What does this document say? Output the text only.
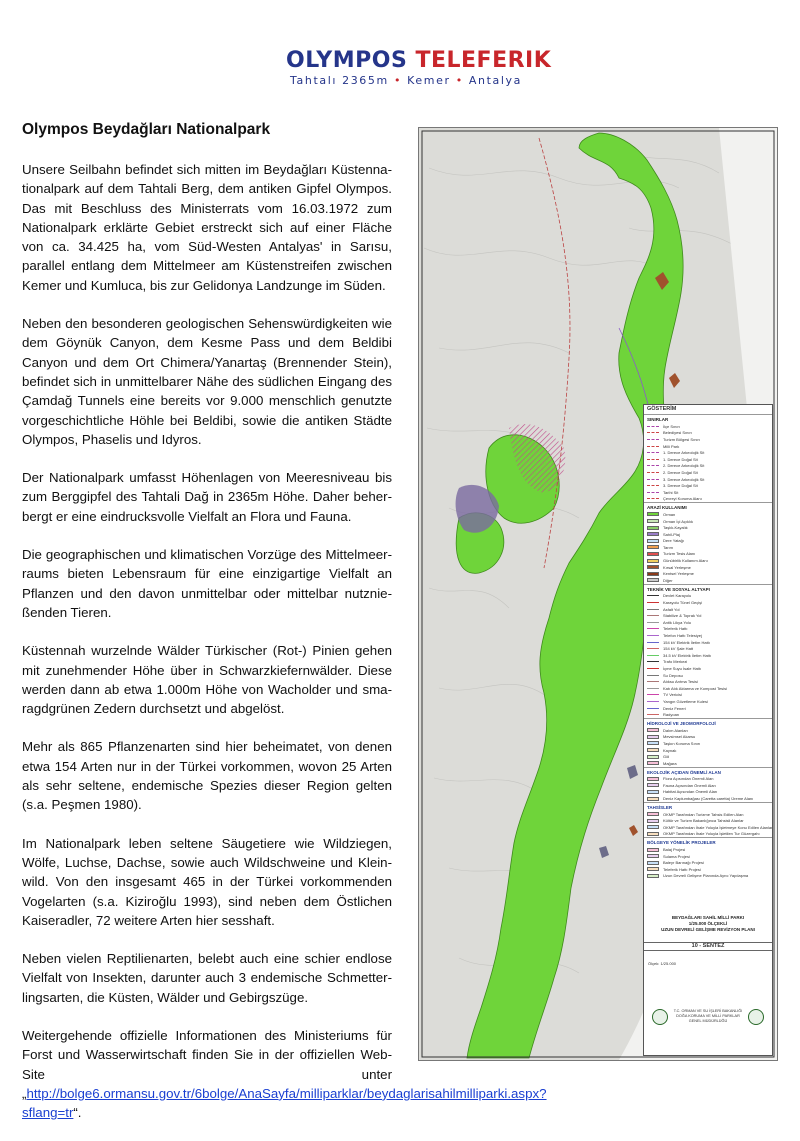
OLYMPOS TELEFERIK
Tahtalı 2365m • Kemer • Antalya
Olympos Beydağları Nationalpark

Unsere Seilbahn befindet sich mitten im Beydağları Küstennationalpark auf dem Tahtali Berg, dem antiken Gipfel Olympos. Das mit Beschluss des Ministerrats vom 16.03.1972 zum Nationalpark erklärte Gebiet erstreckt sich auf einer Fläche von ca. 34.425 ha, vom Süd-Westen Antalyas' in Sarısu, parallel entlang dem Mittelmeer am Küstenstreifen zwischen Kemer und Kumluca, bis zur Gelidonya Landzunge im Süden.

Neben den besonderen geologischen Sehenswürdigkeiten wie dem Göynük Canyon, dem Kesme Pass und dem Beldibi Canyon und dem Ort Chimera/Yanartaş (Brennender Stein), befindet sich in unmittelbarer Nähe des südlichen Eingang des Çamdağ Tunnels eine bereits vor 9.000 menschlich genutzte vorgeschichtliche Höhle bei Beldibi, sowie die antiken Städte Olympos, Phaselis und Idyros.

Der Nationalpark umfasst Höhenlagen von Meeresniveau bis zum Berggipfel des Tahtali Dağ in 2365m Höhe. Daher beherbergt er eine eindrucksvolle Vielfalt an Flora und Fauna.

Die geographischen und klimatischen Vorzüge des Mittelmeerraums bieten Lebensraum für eine einzigartige Vielfalt an Pflanzen und den davon unmittelbar oder mittelbar nutznießenden Tieren.

Küstennah wurzelnde Wälder Türkischer (Rot-) Pinien gehen mit zunehmender Höhe über in Schwarzkiefernwälder. Diese werden dann ab etwa 1.000m Höhe von Wacholder und smaragdgrünen Zedern durchsetzt und abgelöst.

Mehr als 865 Pflanzenarten sind hier beheimatet, von denen etwa 154 Arten nur in der Türkei vorkommen, wovon 25 Arten als sehr seltene, endemische Spezies dieser Region gelten (s.a. Peşmen 1980).

Im Nationalpark leben seltene Säugetiere wie Wildziegen, Wölfe, Luchse, Dachse, sowie auch Wildschweine und Kleinwild. Von den insgesamt 465 in der Türkei vorkommenden Vogelarten (s.a. Kiziroğlu 1993), sind neben dem Östlichen Kaiseradler, 72 weitere Arten hier sesshaft.

Neben vielen Reptilienarten, belebt auch eine schier endlose Vielfalt von Insekten, darunter auch 3 endemische Schmetterlingsarten, die Küsten, Wälder und Gebirgszüge.

Weitergehende offizielle Informationen des Ministeriums für Forst und Wasserwirtschaft finden Sie in der offiziellen WebSite unter „http://bolge6.ormansu.gov.tr/6bolge/AnaSayfa/milliparklar/beydaglarisahilmilliparki.aspx?sflang=tr“.

GÖSTERİM
SINIRLAR
İlçe Sınırı
Belediyesi Sınırı
Turizm Bölgesi Sınırı
Milli Park
1. Derece Arkeolojik Sit
1. Derece Doğal Sit
2. Derece Arkeolojik Sit
2. Derece Doğal Sit
3. Derece Arkeolojik Sit
3. Derece Doğal Sit
Tarihi Sit
Çevreyi Koruma Alanı
ARAZİ KULLANIMI
Orman
Orman İçi Açıklık
Taşlık-Kayalık
Sahil-Plaj
Dere Yatağı
Tarım
Turizm Tesis Alanı
Günübirlik Kullanım Alanı
Kırsal Yerleşme
Kentsel Yerleşme
Diğer
TEKNİK VE SOSYAL ALTYAPI
Devlet Karayolu
Karayolu Tünel Geçişi
Asfalt Yol
Stabilize & Toprak Yol
Antik Likya Yolu
Teleferik Hattı
Telefon Hattı Telesiyej
154 kV Elektrik İletim Hattı
154 kV Şale Hatt
34.5 kV Elektrik İletim Hattı
Trafo Merkezi
İçme Suyu İsale Hattı
Su Deposu
Atıksu Arıtma Tesisi
Katı Atık Aktarma ve Kompost Tesisi
TV Vericisi
Yangın Gözetleme Kulesi
Deniz Feneri
Radyoan
HİDROLOJİ VE JEOMORFOLOJİ
Dalım Alanları
Mevsimsel Akarsu
Taşkın Koruma Sınırı
Kaynak
Göl
Mağara
EKOLOJİK AÇIDAN ÖNEMLİ ALAN
Flora Açısından Önemli Alan
Fauna Açısından Önemli Alan
Habitat Açısından Önemli Alan
Deniz Kaplumbağası (Caretta caretta) Üreme Alanı
TAHSİSLER
OKMP Tarafından Turizme Tahsis Edilen Alan
Kültür ve Turizm Bakanlığınca Tahsisli Alanlar
OKMP Tarafından İhale Yoluyla İşletmeye Konu Edilen Alanlar
OKMP Tarafından İhale Yoluyla İşletilen Tur Güzergahı
BÖLGEYE YÖNELİK PROJELER
Balaj Projesi
Sulama Projesi
Baleyr Barınağı Projesi
Teleferik Hattı Projesi
Uzun Devreli Gelişme Planında Ayrıc Yapılaşma
BEYDAĞLARI SAHİL MİLLİ PARKI
1/25.000 ÖLÇEKLİ
UZUN DEVRELİ GELİŞME REVİZYON PLANI
10 - SENTEZ
Ölçek: 1/25.000
T.C. ORMAN VE SU İŞLERİ BAKANLIĞI
DOĞA KORUMA VE MİLLİ PARKLAR
GENEL MÜDÜRLÜĞÜ
